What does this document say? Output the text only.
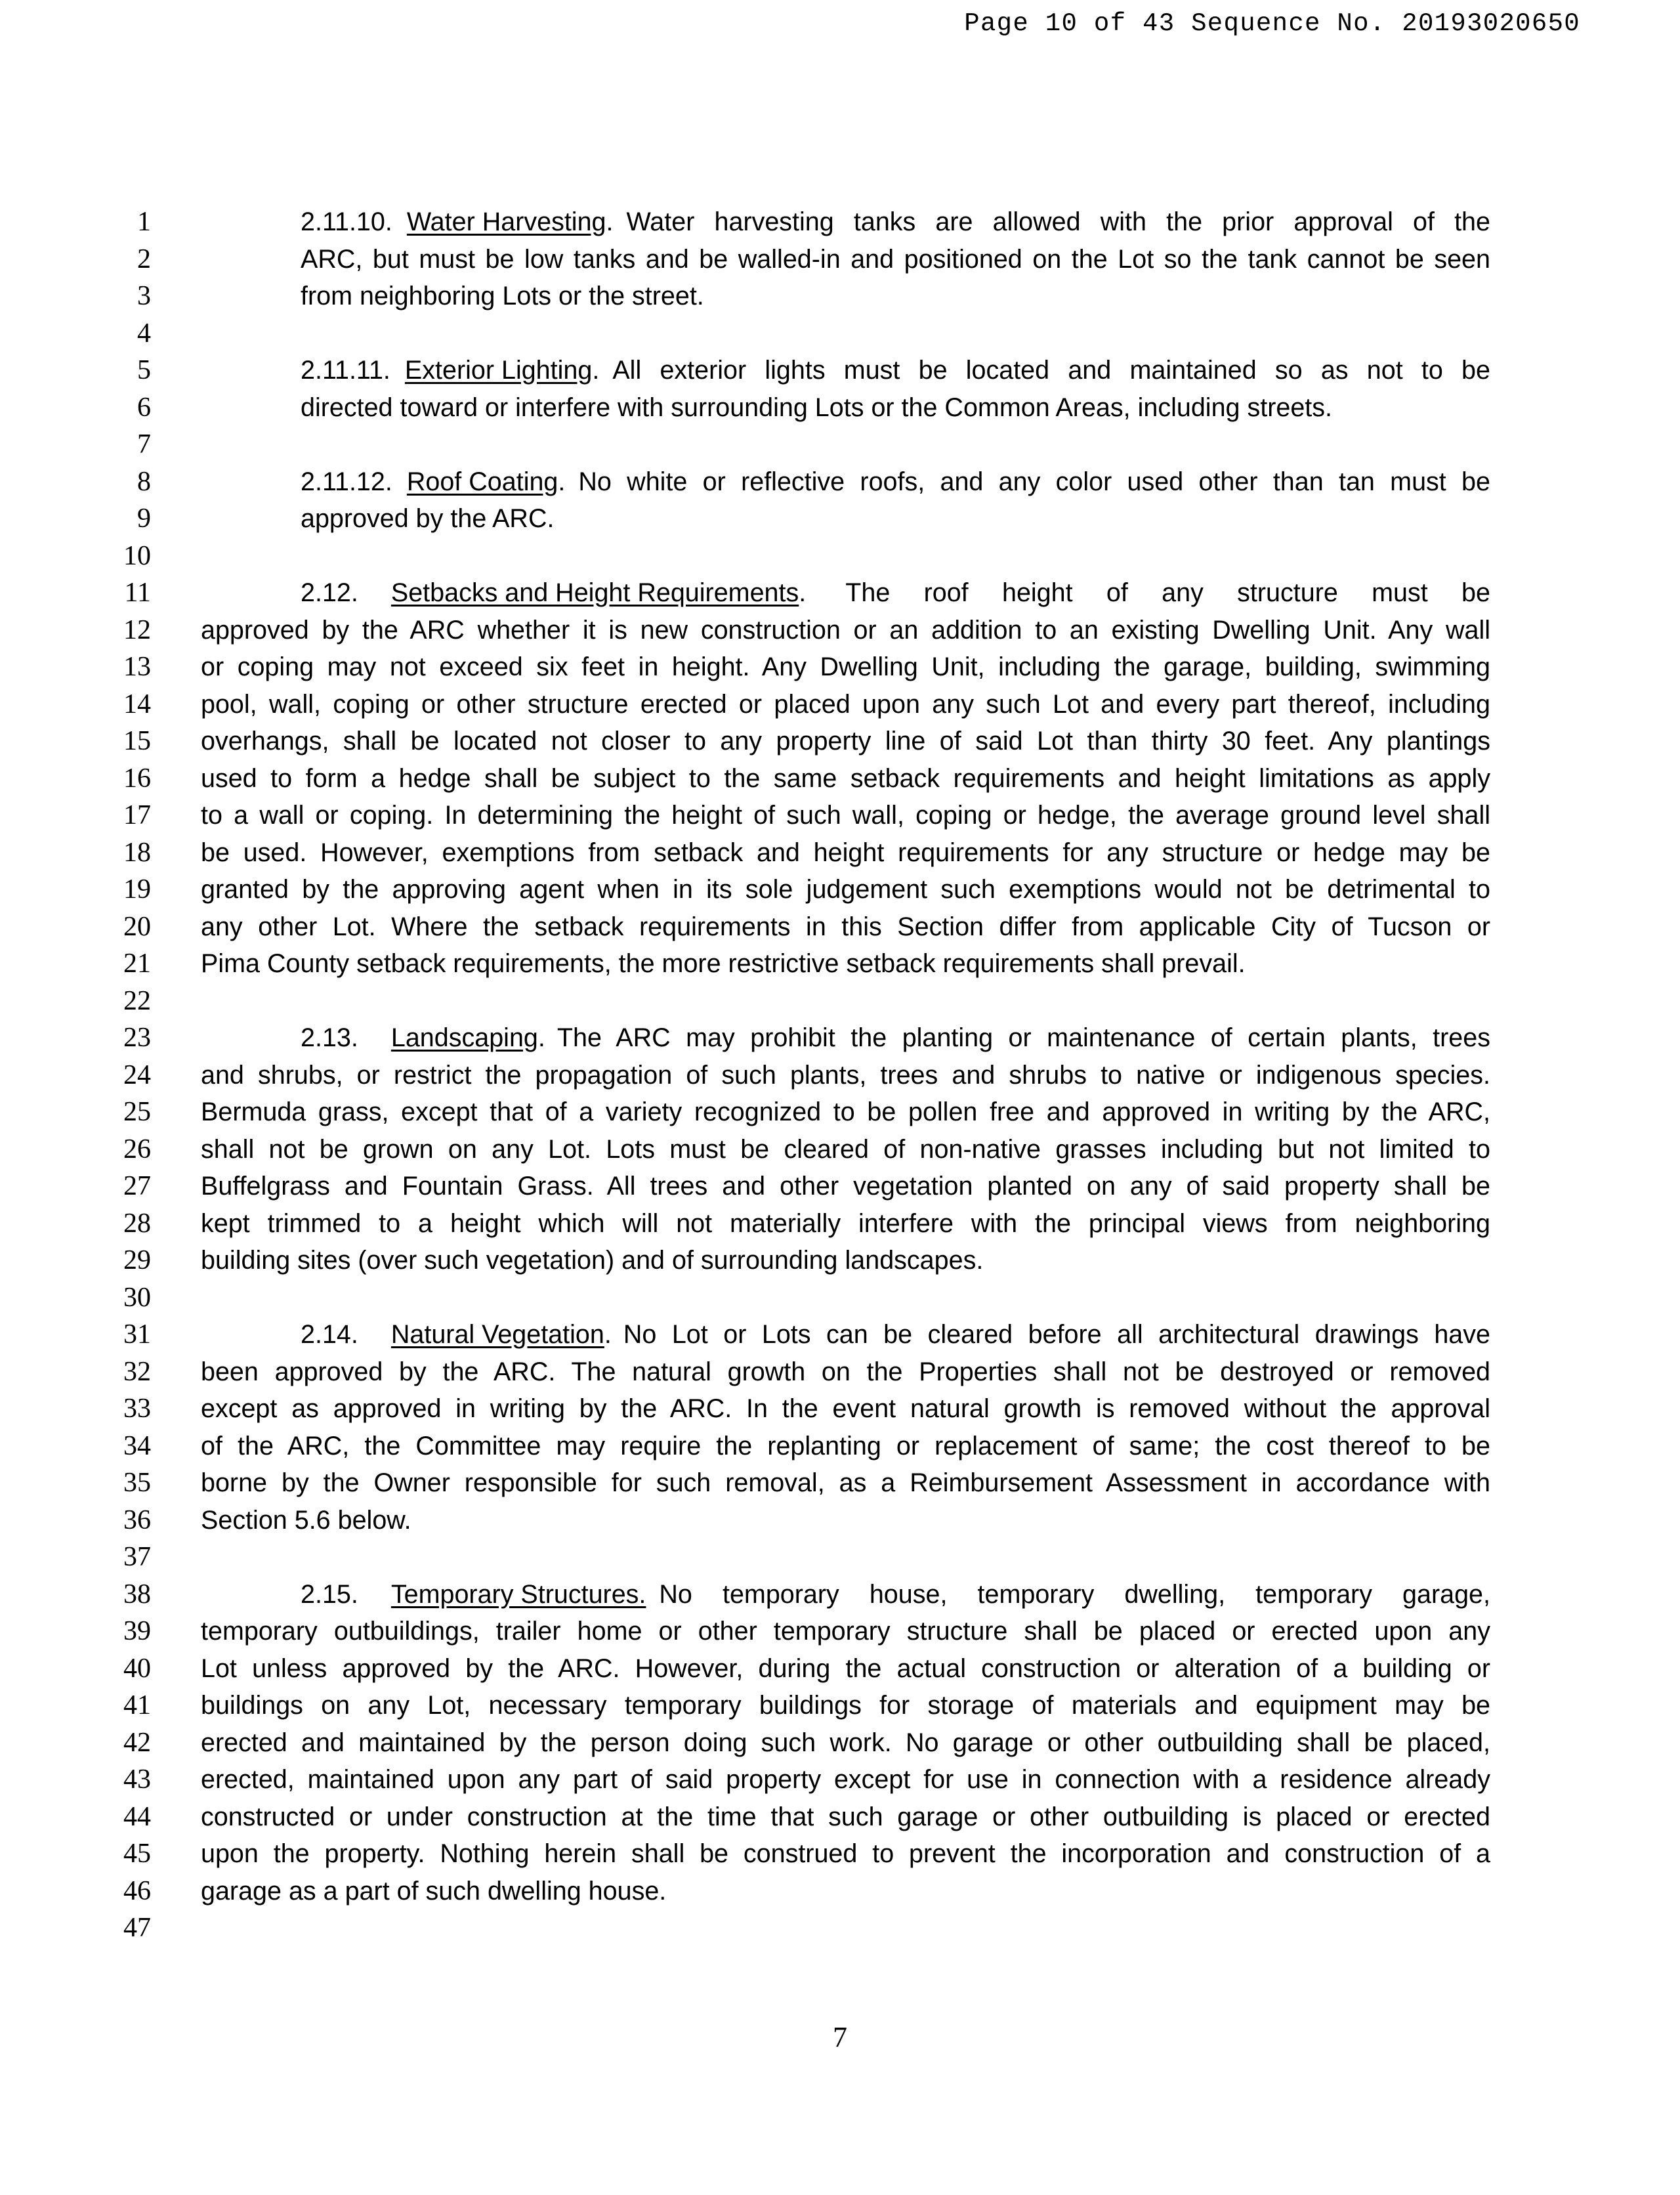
Page 10 of 43 Sequence No. 20193020650
1
2
3
4
5
6
7
8
9
10
11
12
13
14
15
16
17
18
19
20
21
22
23
24
25
26
27
28
29
30
31
32
33
34
35
36
37
38
39
40
41
42
43
44
45
46
47
2.11.10. Water Harvesting. Water harvesting tanks are allowed with the prior approval of the
ARC, but must be low tanks and be walled-in and positioned on the Lot so the tank cannot be seen
from neighboring Lots or the street.
2.11.11. Exterior Lighting. All exterior lights must be located and maintained so as not to be
directed toward or interfere with surrounding Lots or the Common Areas, including streets.
2.11.12. Roof Coating. No white or reflective roofs, and any color used other than tan must be
approved by the ARC.
2.12. Setbacks and Height Requirements. The roof height of any structure must be
approved by the ARC whether it is new construction or an addition to an existing Dwelling Unit. Any wall
or coping may not exceed six feet in height. Any Dwelling Unit, including the garage, building, swimming
pool, wall, coping or other structure erected or placed upon any such Lot and every part thereof, including
overhangs, shall be located not closer to any property line of said Lot than thirty 30 feet. Any plantings
used to form a hedge shall be subject to the same setback requirements and height limitations as apply
to a wall or coping. In determining the height of such wall, coping or hedge, the average ground level shall
be used. However, exemptions from setback and height requirements for any structure or hedge may be
granted by the approving agent when in its sole judgement such exemptions would not be detrimental to
any other Lot. Where the setback requirements in this Section differ from applicable City of Tucson or
Pima County setback requirements, the more restrictive setback requirements shall prevail.
2.13. Landscaping. The ARC may prohibit the planting or maintenance of certain plants, trees
and shrubs, or restrict the propagation of such plants, trees and shrubs to native or indigenous species.
Bermuda grass, except that of a variety recognized to be pollen free and approved in writing by the ARC,
shall not be grown on any Lot. Lots must be cleared of non-native grasses including but not limited to
Buffelgrass and Fountain Grass. All trees and other vegetation planted on any of said property shall be
kept trimmed to a height which will not materially interfere with the principal views from neighboring
building sites (over such vegetation) and of surrounding landscapes.
2.14. Natural Vegetation. No Lot or Lots can be cleared before all architectural drawings have
been approved by the ARC. The natural growth on the Properties shall not be destroyed or removed
except as approved in writing by the ARC. In the event natural growth is removed without the approval
of the ARC, the Committee may require the replanting or replacement of same; the cost thereof to be
borne by the Owner responsible for such removal, as a Reimbursement Assessment in accordance with
Section 5.6 below.
2.15. Temporary Structures. No temporary house, temporary dwelling, temporary garage,
temporary outbuildings, trailer home or other temporary structure shall be placed or erected upon any
Lot unless approved by the ARC. However, during the actual construction or alteration of a building or
buildings on any Lot, necessary temporary buildings for storage of materials and equipment may be
erected and maintained by the person doing such work. No garage or other outbuilding shall be placed,
erected, maintained upon any part of said property except for use in connection with a residence already
constructed or under construction at the time that such garage or other outbuilding is placed or erected
upon the property. Nothing herein shall be construed to prevent the incorporation and construction of a
garage as a part of such dwelling house.
7
